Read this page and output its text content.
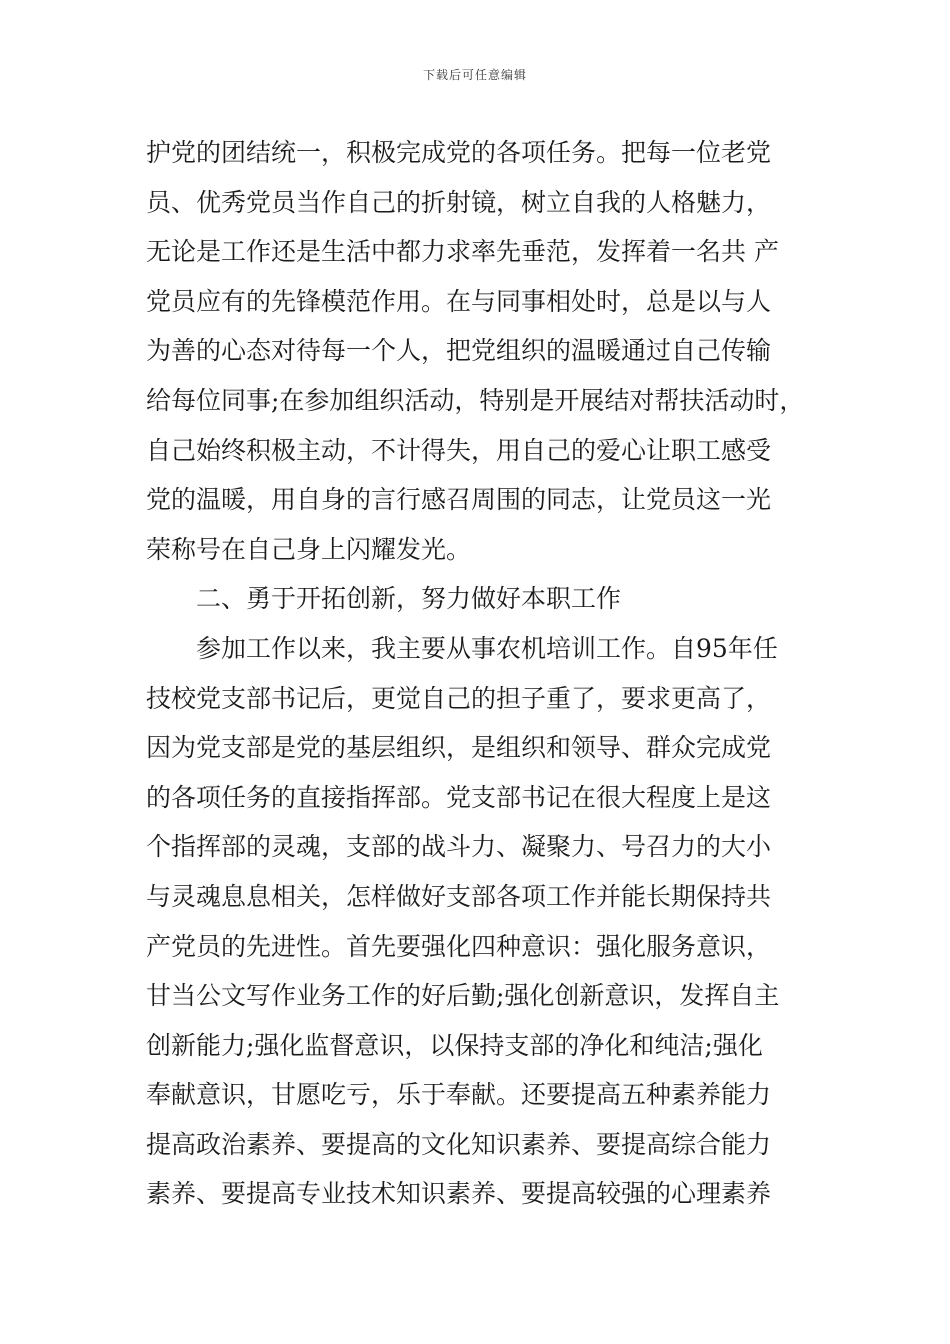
下载后可任意编辑
护党的团结统一，积极完成党的各项任务。把每一位老党
员、优秀党员当作自己的折射镜，树立自我的人格魅力，
无论是工作还是生活中都力求率先垂范，发挥着一名共 产
党员应有的先锋模范作用。在与同事相处时，总是以与人
为善的心态对待每一个人，把党组织的温暖通过自己传输
给每位同事;在参加组织活动，特别是开展结对帮扶活动时，
自己始终积极主动，不计得失，用自己的爱心让职工感受
党的温暖，用自身的言行感召周围的同志，让党员这一光
荣称号在自己身上闪耀发光。
二、勇于开拓创新，努力做好本职工作
参加工作以来，我主要从事农机培训工作。自95年任
技校党支部书记后，更觉自己的担子重了，要求更高了，
因为党支部是党的基层组织，是组织和领导、群众完成党
的各项任务的直接指挥部。党支部书记在很大程度上是这
个指挥部的灵魂，支部的战斗力、凝聚力、号召力的大小
与灵魂息息相关，怎样做好支部各项工作并能长期保持共
产党员的先进性。首先要强化四种意识：强化服务意识，
甘当公文写作业务工作的好后勤;强化创新意识，发挥自主
创新能力;强化监督意识，以保持支部的净化和纯洁;强化
奉献意识，甘愿吃亏，乐于奉献。还要提高五种素养能力
提高政治素养、要提高的文化知识素养、要提高综合能力
素养、要提高专业技术知识素养、要提高较强的心理素养
